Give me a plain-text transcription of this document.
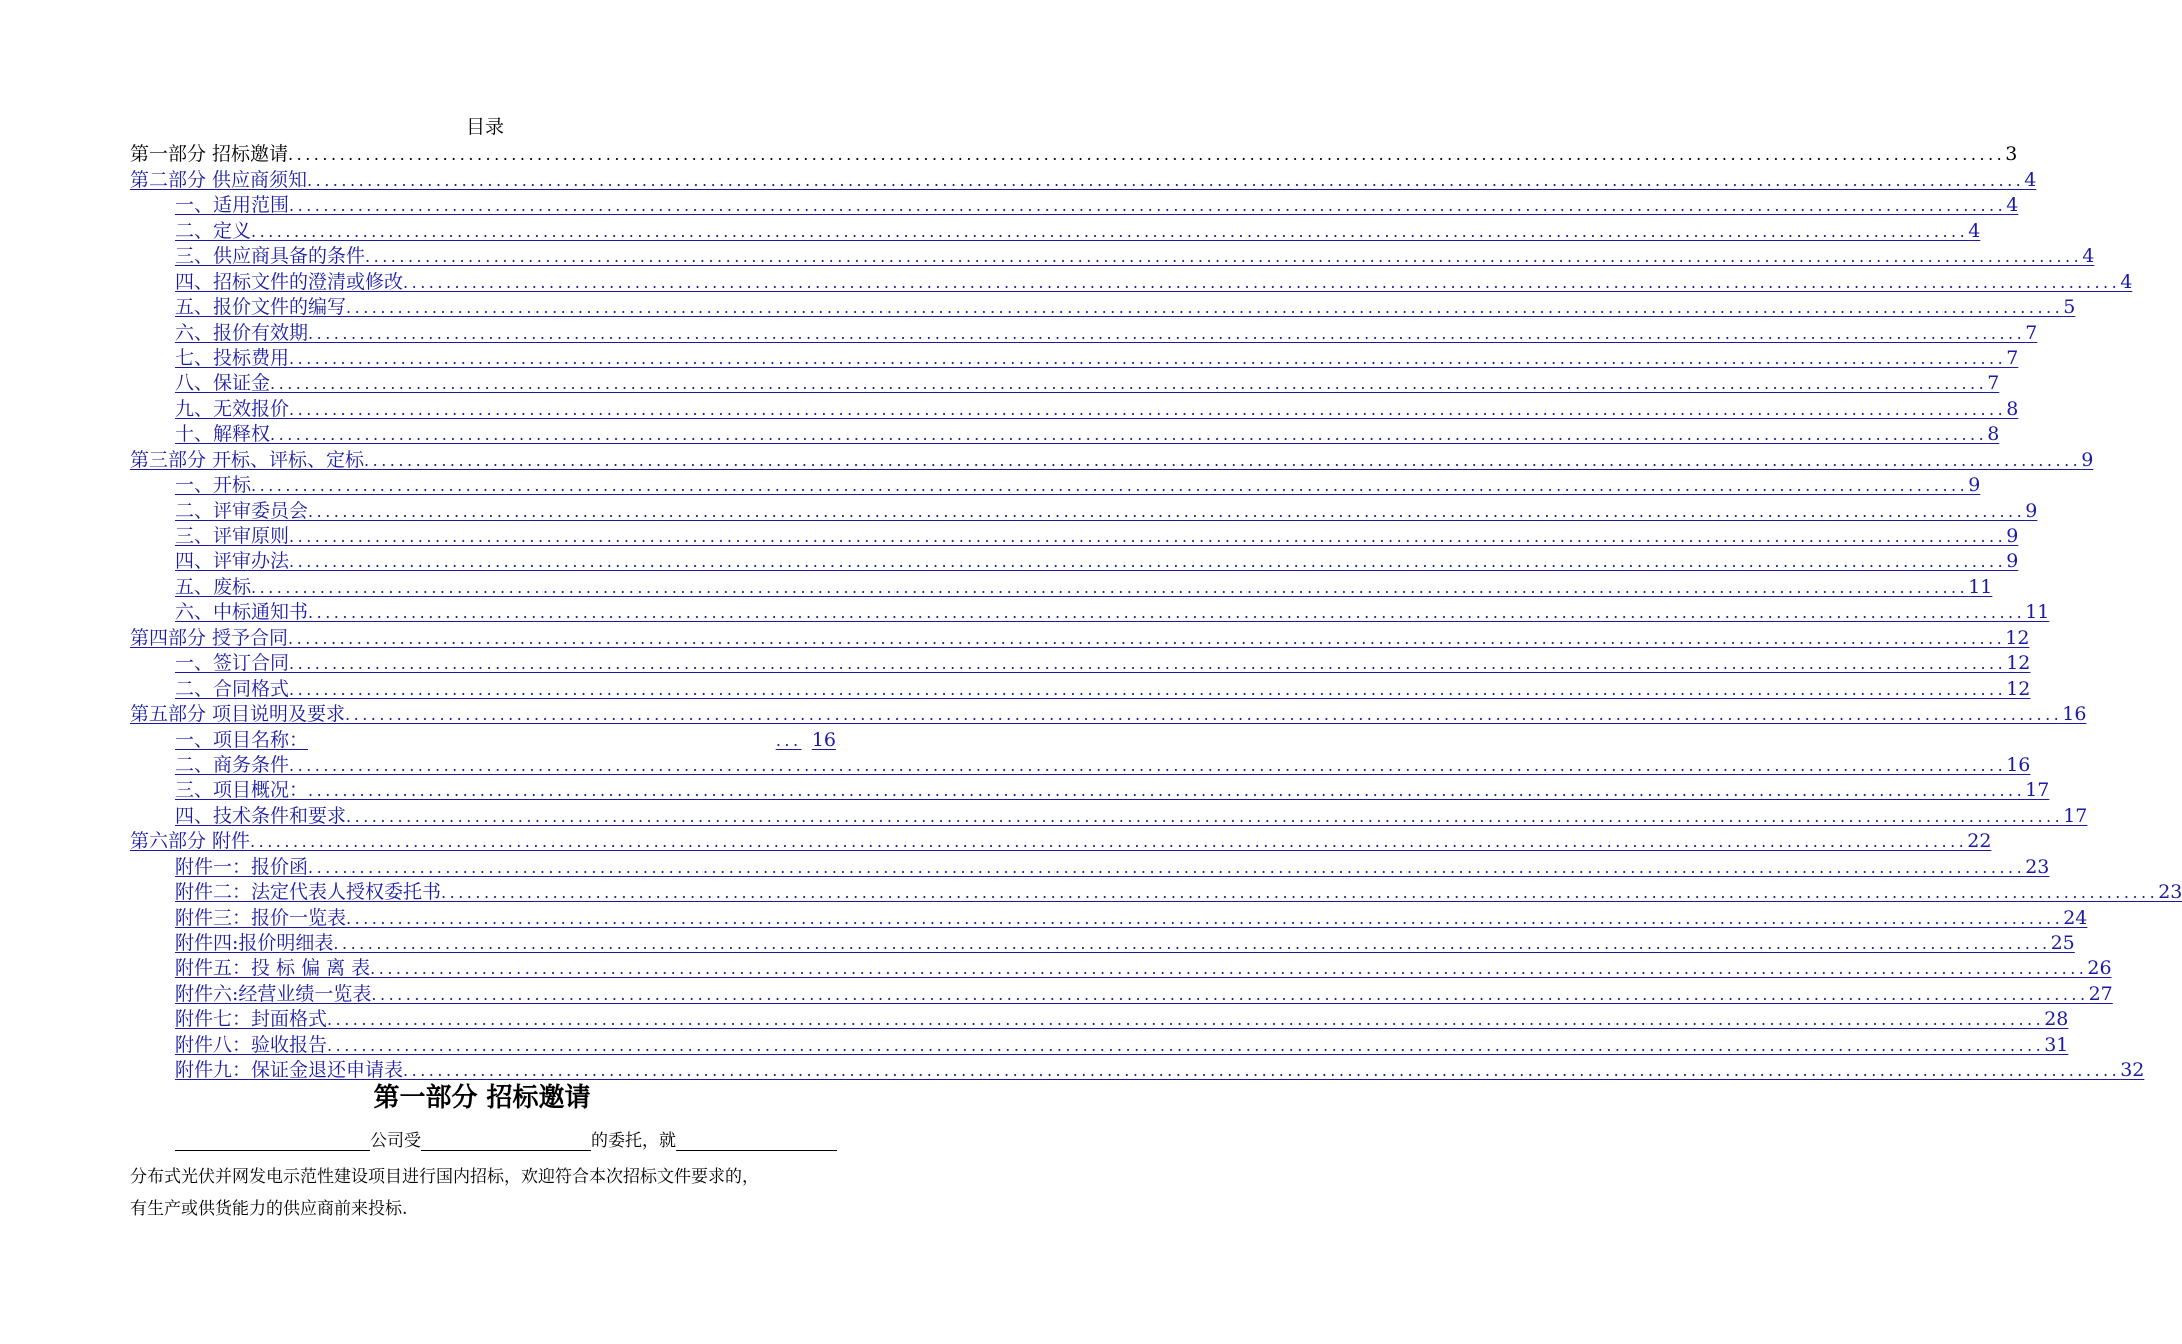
目录
第一部分 招标邀请 ........................................................................................................................................................................................................ 3
第二部分 供应商须知 ........................................................................................................................................................................................................ 4
一、适用范围 ........................................................................................................................................................................................................ 4
二、定义 ........................................................................................................................................................................................................ 4
三、供应商具备的条件 ........................................................................................................................................................................................................ 4
四、招标文件的澄清或修改 ........................................................................................................................................................................................................ 4
五、报价文件的编写 ........................................................................................................................................................................................................ 5
六、报价有效期 ........................................................................................................................................................................................................ 7
七、投标费用 ........................................................................................................................................................................................................ 7
八、保证金 ........................................................................................................................................................................................................ 7
九、无效报价 ........................................................................................................................................................................................................ 8
十、解释权 ........................................................................................................................................................................................................ 8
第三部分 开标、评标、定标 ........................................................................................................................................................................................................ 9
一、开标 ........................................................................................................................................................................................................ 9
二、评审委员会 ........................................................................................................................................................................................................ 9
三、评审原则 ........................................................................................................................................................................................................ 9
四、评审办法 ........................................................................................................................................................................................................ 9
五、废标 ........................................................................................................................................................................................................ 11
六、中标通知书 ........................................................................................................................................................................................................ 11
第四部分 授予合同 ........................................................................................................................................................................................................ 12
一、签订合同 ........................................................................................................................................................................................................ 12
二、合同格式 ........................................................................................................................................................................................................ 12
第五部分 项目说明及要求 ........................................................................................................................................................................................................ 16
一、项目名称：	... 16
二、商务条件 ........................................................................................................................................................................................................ 16
三、项目概况： ........................................................................................................................................................................................................ 17
四、技术条件和要求 ........................................................................................................................................................................................................ 17
第六部分 附件 ........................................................................................................................................................................................................ 22
附件一：报价函 ........................................................................................................................................................................................................ 23
附件二：法定代表人授权委托书 ........................................................................................................................................................................................................ 23
附件三：报价一览表 ........................................................................................................................................................................................................ 24
附件四:报价明细表 ........................................................................................................................................................................................................ 25
附件五：投 标 偏 离 表 ........................................................................................................................................................................................................ 26
附件六:经营业绩一览表 ........................................................................................................................................................................................................ 27
附件七：封面格式 ........................................................................................................................................................................................................ 28
附件八：验收报告 ........................................................................................................................................................................................................ 31
附件九：保证金退还申请表 ........................................................................................................................................................................................................ 32
第一部分 招标邀请
公司受	的委托，就
分布式光伏并网发电示范性建设项目进行国内招标，欢迎符合本次招标文件要求的，
有生产或供货能力的供应商前来投标.
